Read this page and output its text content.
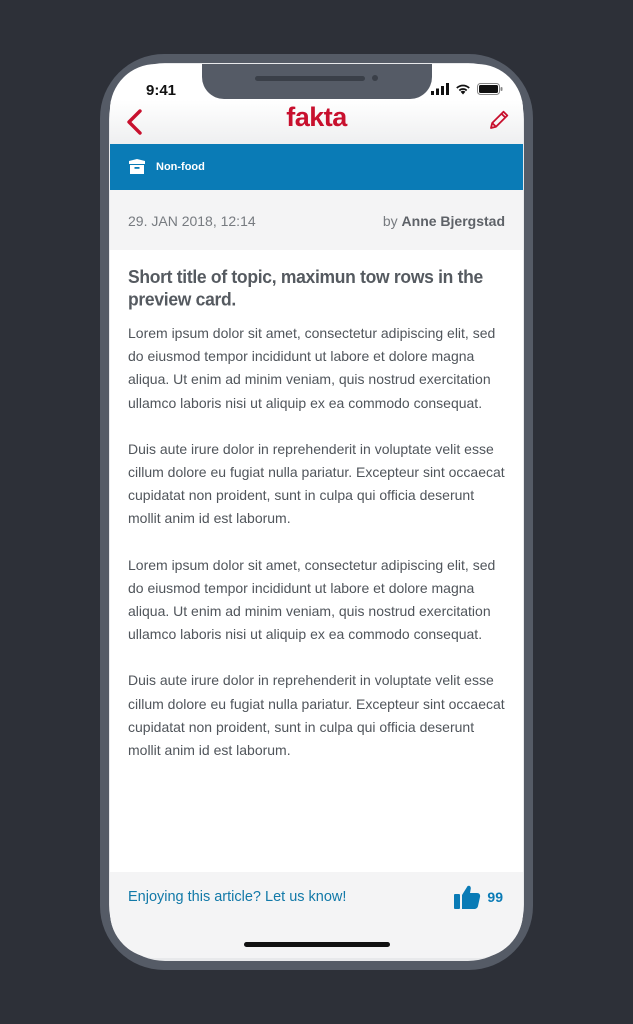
9:41
fakta
Non-food
29. JAN 2018, 12:14	by Anne Bjergstad
Short title of topic, maximun tow rows in the preview card.

Lorem ipsum dolor sit amet, consectetur adipiscing elit, sed do eiusmod tempor incididunt ut labore et dolore magna aliqua. Ut enim ad minim veniam, quis nostrud exercitation ullamco laboris nisi ut aliquip ex ea commodo consequat.

Duis aute irure dolor in reprehenderit in voluptate velit esse cillum dolore eu fugiat nulla pariatur. Excepteur sint occaecat cupidatat non proident, sunt in culpa qui officia deserunt mollit anim id est laborum.

Lorem ipsum dolor sit amet, consectetur adipiscing elit, sed do eiusmod tempor incididunt ut labore et dolore magna aliqua. Ut enim ad minim veniam, quis nostrud exercitation ullamco laboris nisi ut aliquip ex ea commodo consequat.

Duis aute irure dolor in reprehenderit in voluptate velit esse cillum dolore eu fugiat nulla pariatur. Excepteur sint occaecat cupidatat non proident, sunt in culpa qui officia deserunt mollit anim id est laborum.

Enjoying this article? Let us know!	99
